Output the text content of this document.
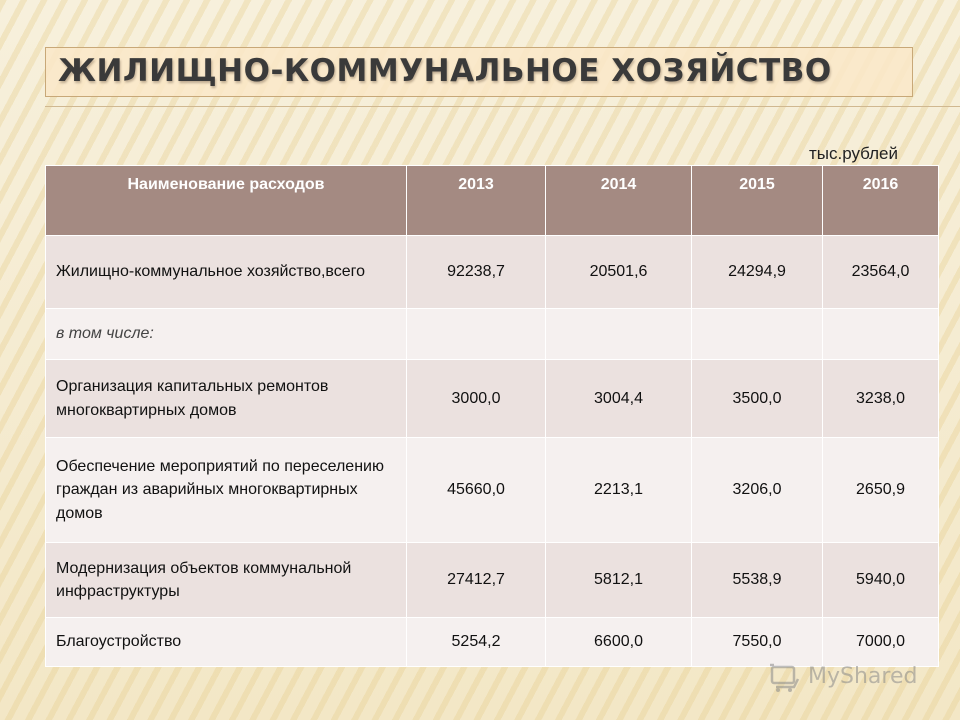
ЖИЛИЩНО-КОММУНАЛЬНОЕ ХОЗЯЙСТВО
тыс.рублей
Наименование расходов	2013	2014	2015	2016
Жилищно-коммунальное хозяйство,всего	92238,7	20501,6	24294,9	23564,0
в том числе:				
Организация капитальных ремонтов многоквартирных домов	3000,0	3004,4	3500,0	3238,0
Обеспечение мероприятий по переселению граждан из аварийных многоквартирных домов	45660,0	2213,1	3206,0	2650,9
Модернизация объектов коммунальной инфраструктуры	27412,7	5812,1	5538,9	5940,0
Благоустройство	5254,2	6600,0	7550,0	7000,0
MyShared
